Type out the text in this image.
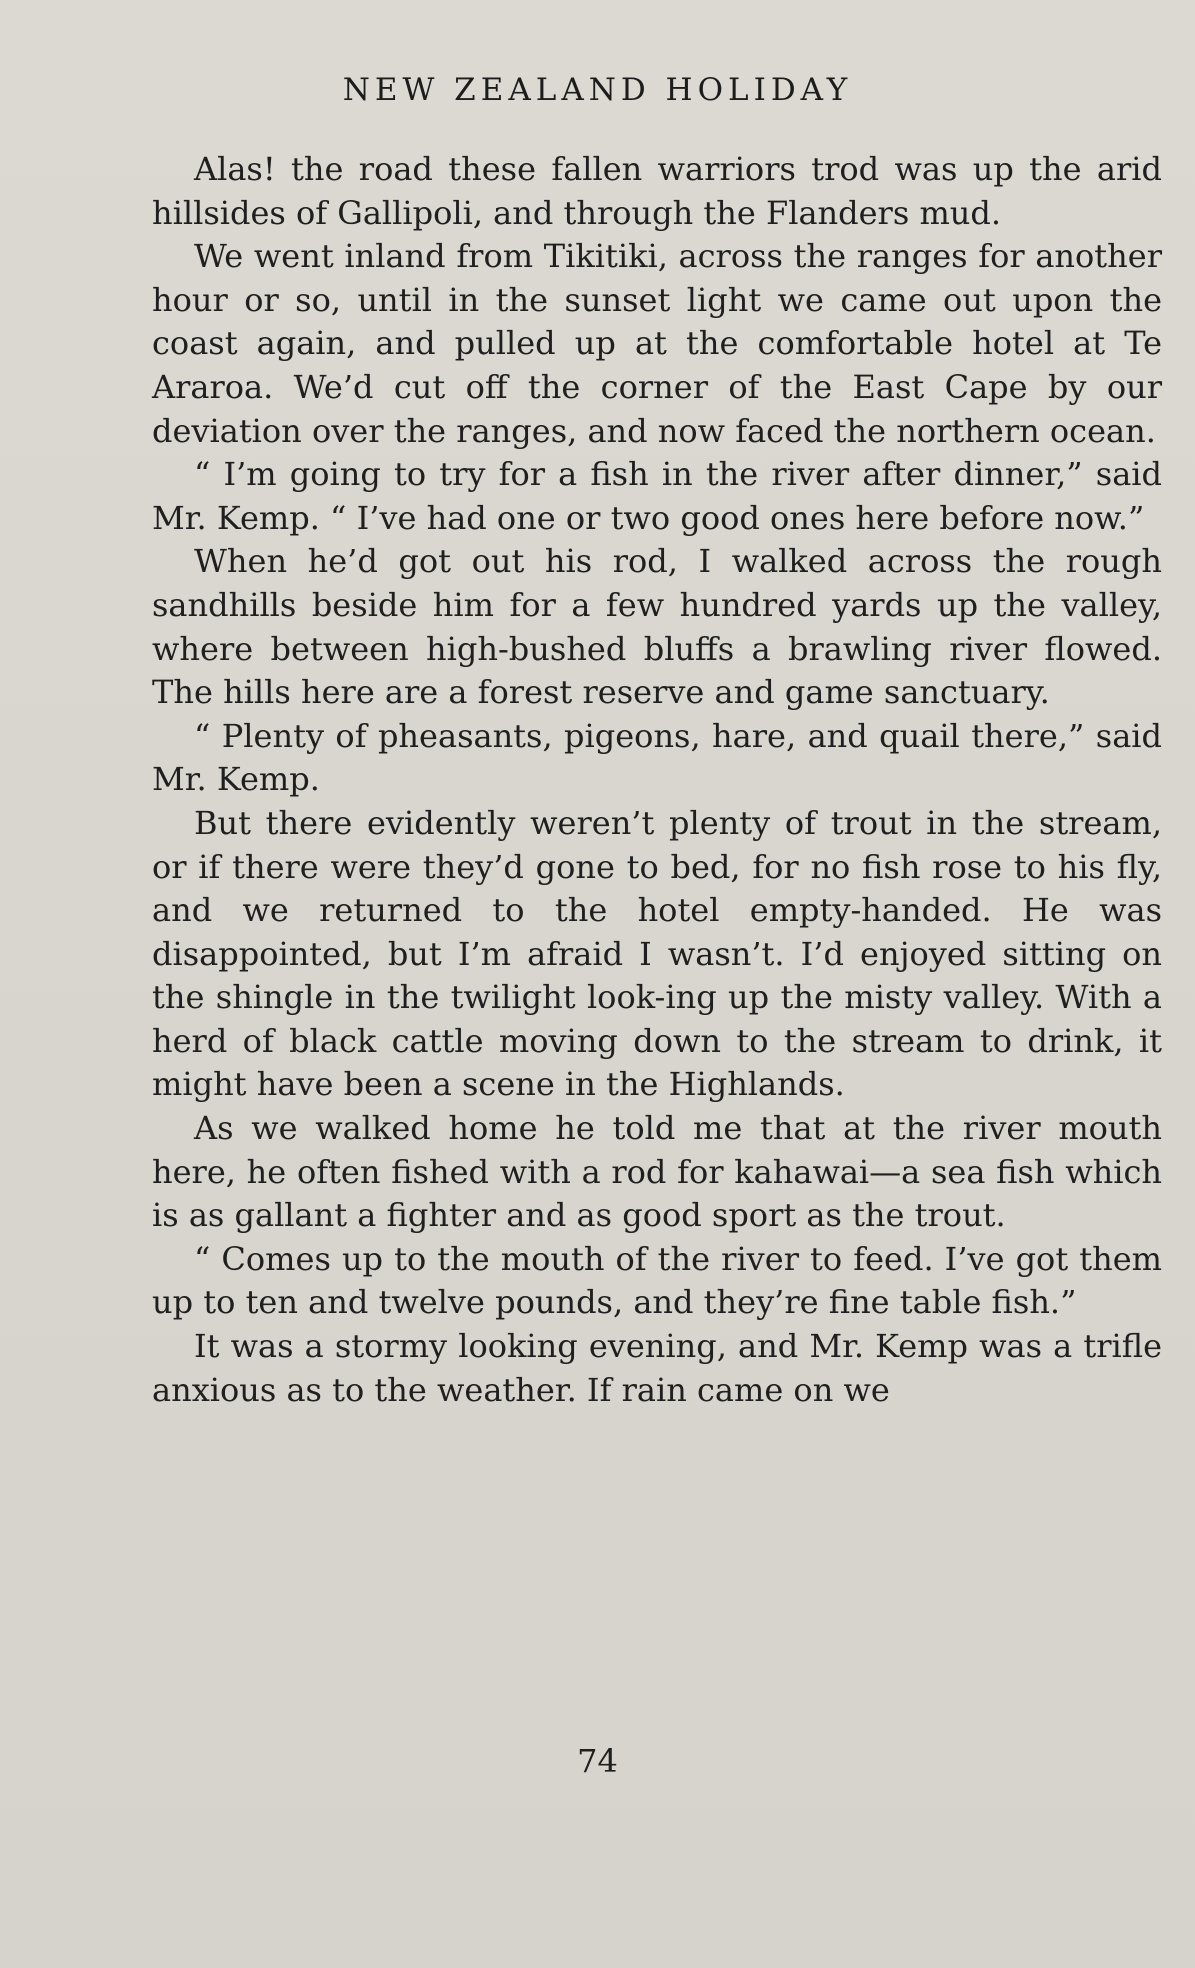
NEW ZEALAND HOLIDAY

Alas! the road these fallen warriors trod was up the arid hillsides of Gallipoli, and through the Flanders mud.

We went inland from Tikitiki, across the ranges for another hour or so, until in the sunset light we came out upon the coast again, and pulled up at the comfortable hotel at Te Araroa. We’d cut off the corner of the East Cape by our deviation over the ranges, and now faced the northern ocean.

“ I’m going to try for a fish in the river after dinner,” said Mr. Kemp. “ I’ve had one or two good ones here before now.”

When he’d got out his rod, I walked across the rough sandhills beside him for a few hundred yards up the valley, where between high-bushed bluffs a brawling river flowed. The hills here are a forest reserve and game sanctuary.

“ Plenty of pheasants, pigeons, hare, and quail there,” said Mr. Kemp.

But there evidently weren’t plenty of trout in the stream, or if there were they’d gone to bed, for no fish rose to his fly, and we returned to the hotel empty-handed. He was disappointed, but I’m afraid I wasn’t. I’d enjoyed sitting on the shingle in the twilight look-ing up the misty valley. With a herd of black cattle moving down to the stream to drink, it might have been a scene in the Highlands.

As we walked home he told me that at the river mouth here, he often fished with a rod for kahawai—a sea fish which is as gallant a fighter and as good sport as the trout.

“ Comes up to the mouth of the river to feed. I’ve got them up to ten and twelve pounds, and they’re fine table fish.”

It was a stormy looking evening, and Mr. Kemp was a trifle anxious as to the weather. If rain came on we

74
